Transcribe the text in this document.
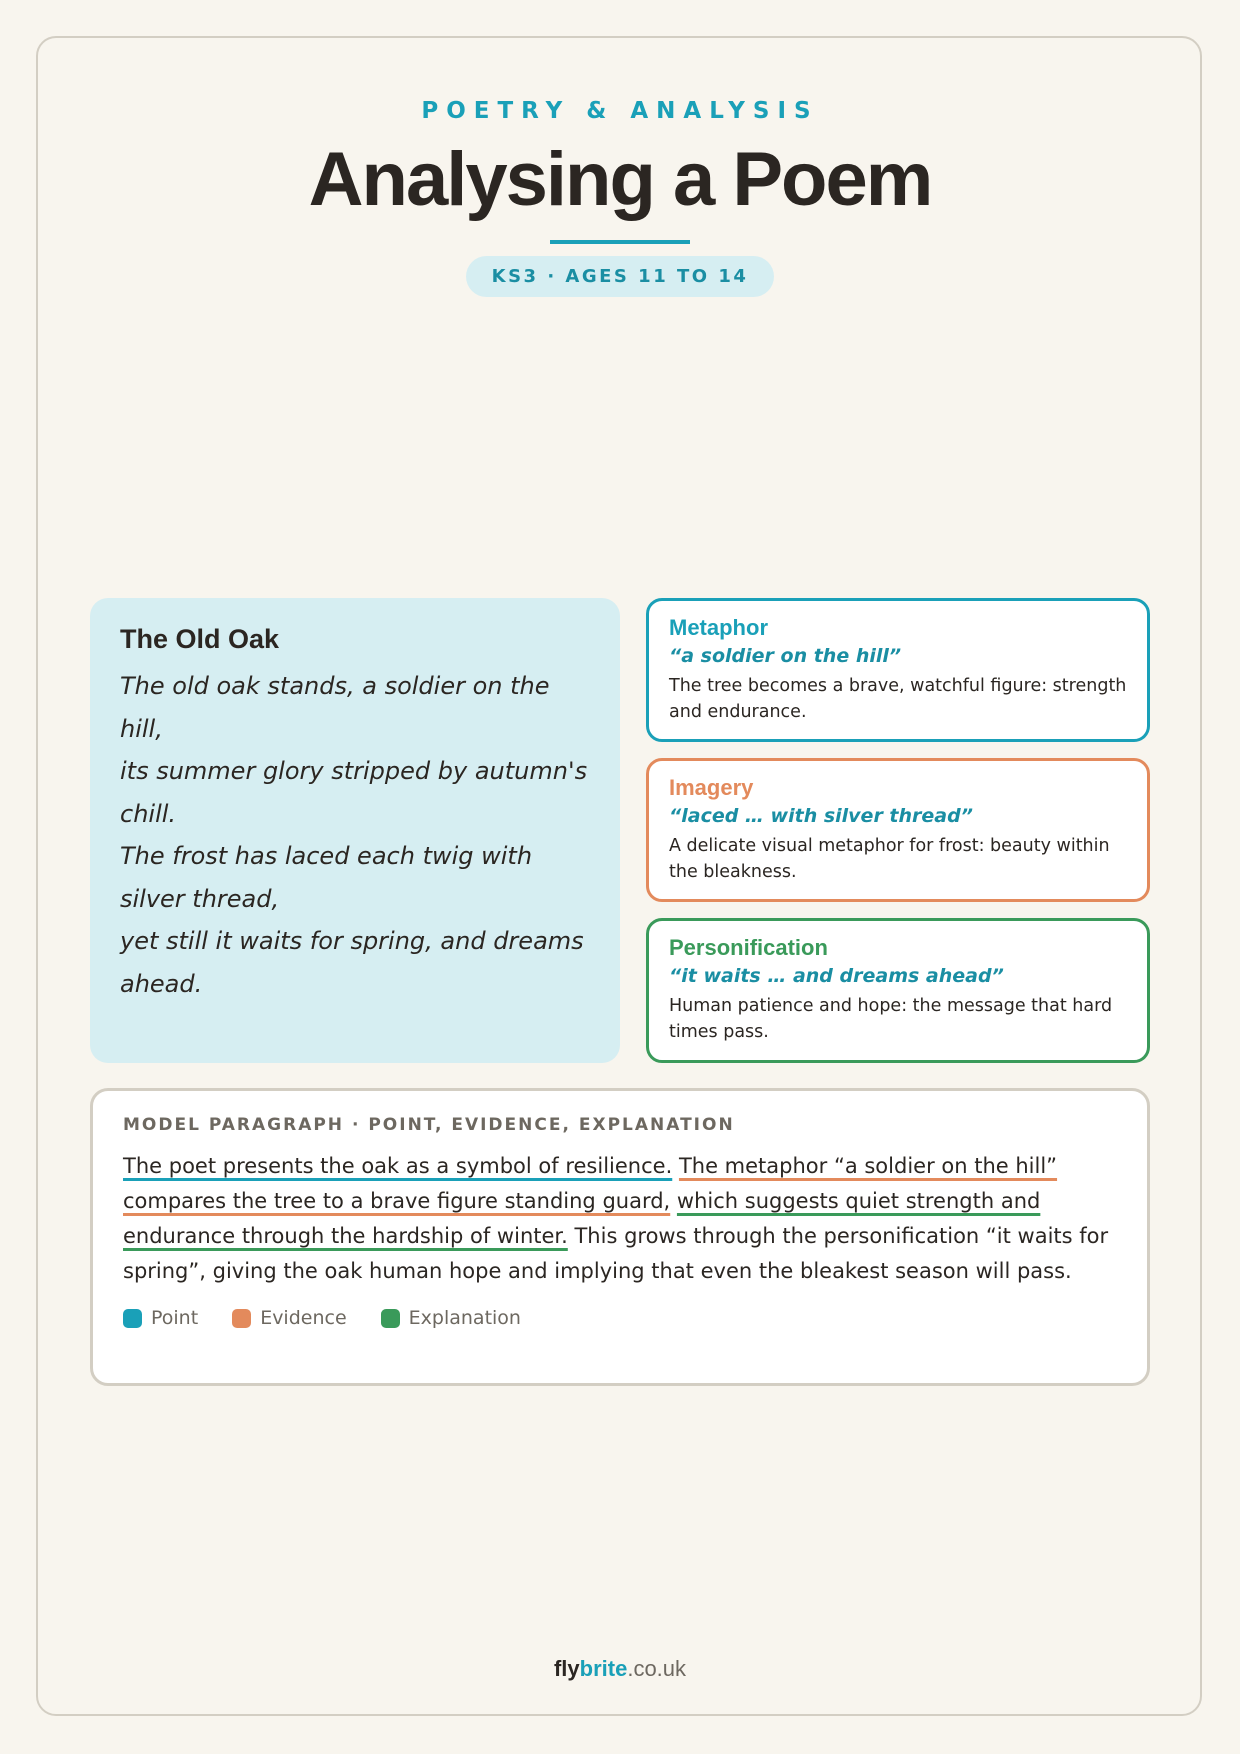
POETRY & ANALYSIS

Analysing a Poem
KS3 · AGES 11 TO 14
The Old Oak

The old oak stands, a soldier on the hill,

its summer glory stripped by autumn's chill.

The frost has laced each twig with silver thread,

yet still it waits for spring, and dreams ahead.

Metaphor

“a soldier on the hill”

The tree becomes a brave, watchful figure: strength and endurance.

Imagery

“laced … with silver thread”

A delicate visual metaphor for frost: beauty within the bleakness.

Personification

“it waits … and dreams ahead”

Human patience and hope: the message that hard times pass.

MODEL PARAGRAPH · POINT, EVIDENCE, EXPLANATION

The poet presents the oak as a symbol of resilience. The metaphor “a soldier on the hill” compares the tree to a brave figure standing guard, which suggests quiet strength and endurance through the hardship of winter. This grows through the personification “it waits for spring”, giving the oak human hope and implying that even the bleakest season will pass.

Point	Evidence	Explanation
flybrite.co.uk
